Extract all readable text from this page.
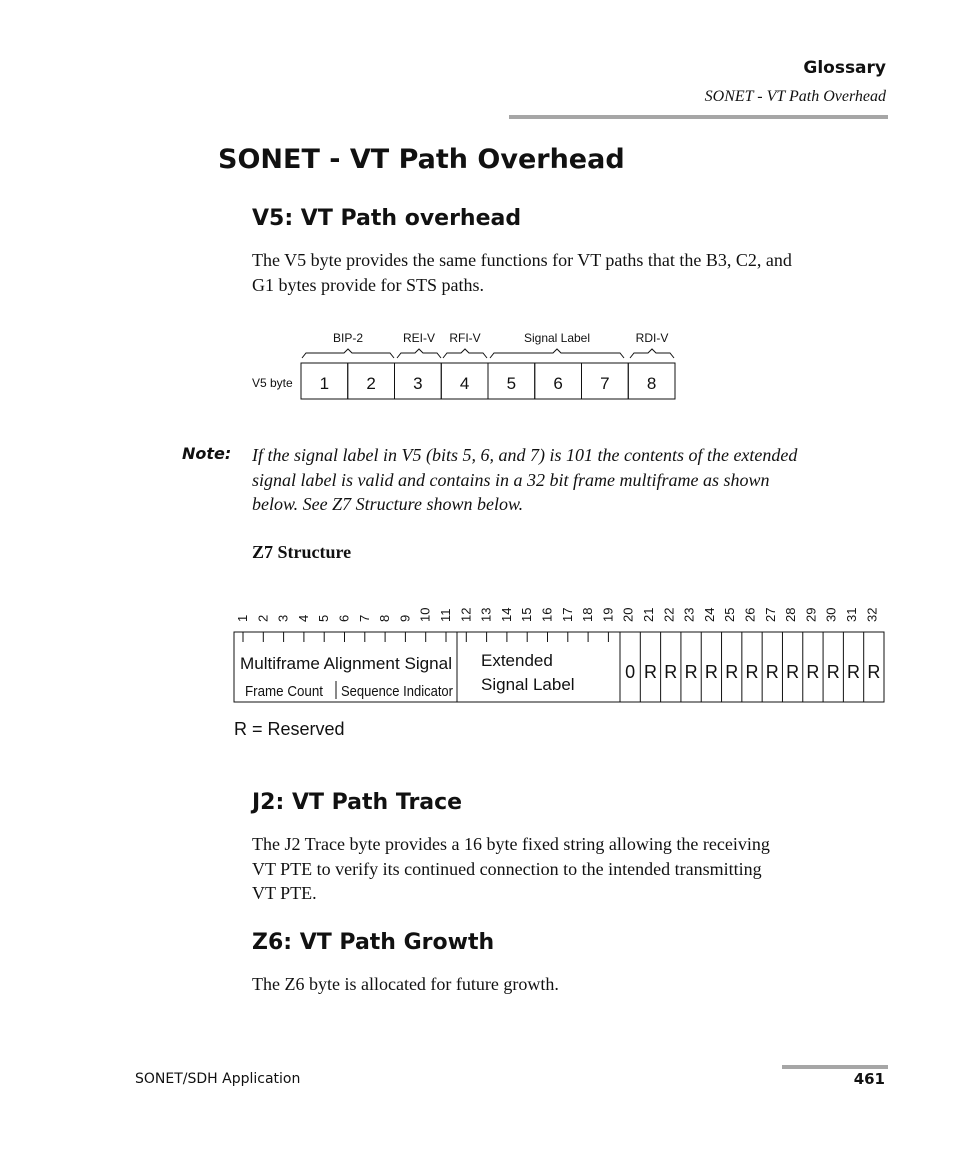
Glossary
SONET - VT Path Overhead
SONET - VT Path Overhead
V5: VT Path overhead
The V5 byte provides the same functions for VT paths that the B3, C2, and
G1 bytes provide for STS paths.
BIP-2	REI-V RFI-V	Signal Label	RDI-V
V5 byte 1 2 3 4 5 6 7 8
1 2 3 4 5 6 7 8 9 10 11 12 13 14 15 16 17 18 19 20 21 22 23 24 25 26 27 28 29 30 31 32
Multiframe Alignment Signal
Frame Count Sequence Indicator
Extended
Signal Label
0 R R R R R R R R R R R R
R = Reserved
Note: If the signal label in V5 (bits 5, 6, and 7) is 101 the contents of the extended
signal label is valid and contains in a 32 bit frame multiframe as shown
below. See Z7 Structure shown below.
Z7 Structure
J2: VT Path Trace
The J2 Trace byte provides a 16 byte fixed string allowing the receiving
VT PTE to verify its continued connection to the intended transmitting
VT PTE.
Z6: VT Path Growth
The Z6 byte is allocated for future growth.
SONET/SDH Application	461
